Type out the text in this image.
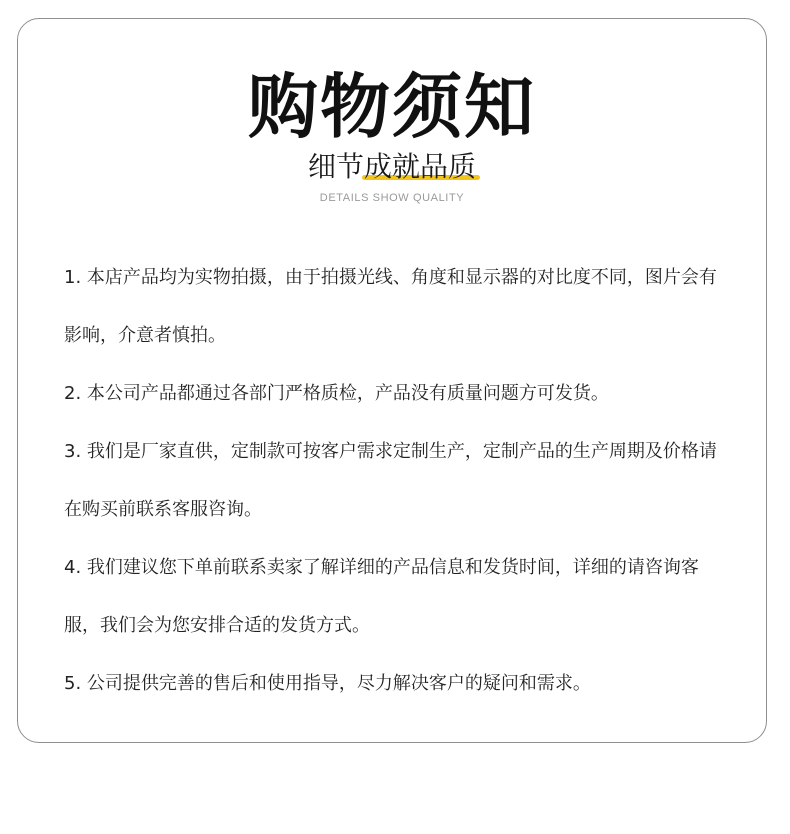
购物须知

细节成就品质

DETAILS SHOW QUALITY

1. 本店产品均为实物拍摄，由于拍摄光线、角度和显示器的对比度不同，图片会有影响，介意者慎拍。
2. 本公司产品都通过各部门严格质检，产品没有质量问题方可发货。
3. 我们是厂家直供，定制款可按客户需求定制生产，定制产品的生产周期及价格请在购买前联系客服咨询。
4. 我们建议您下单前联系卖家了解详细的产品信息和发货时间，详细的请咨询客服，我们会为您安排合适的发货方式。
5. 公司提供完善的售后和使用指导，尽力解决客户的疑问和需求。
